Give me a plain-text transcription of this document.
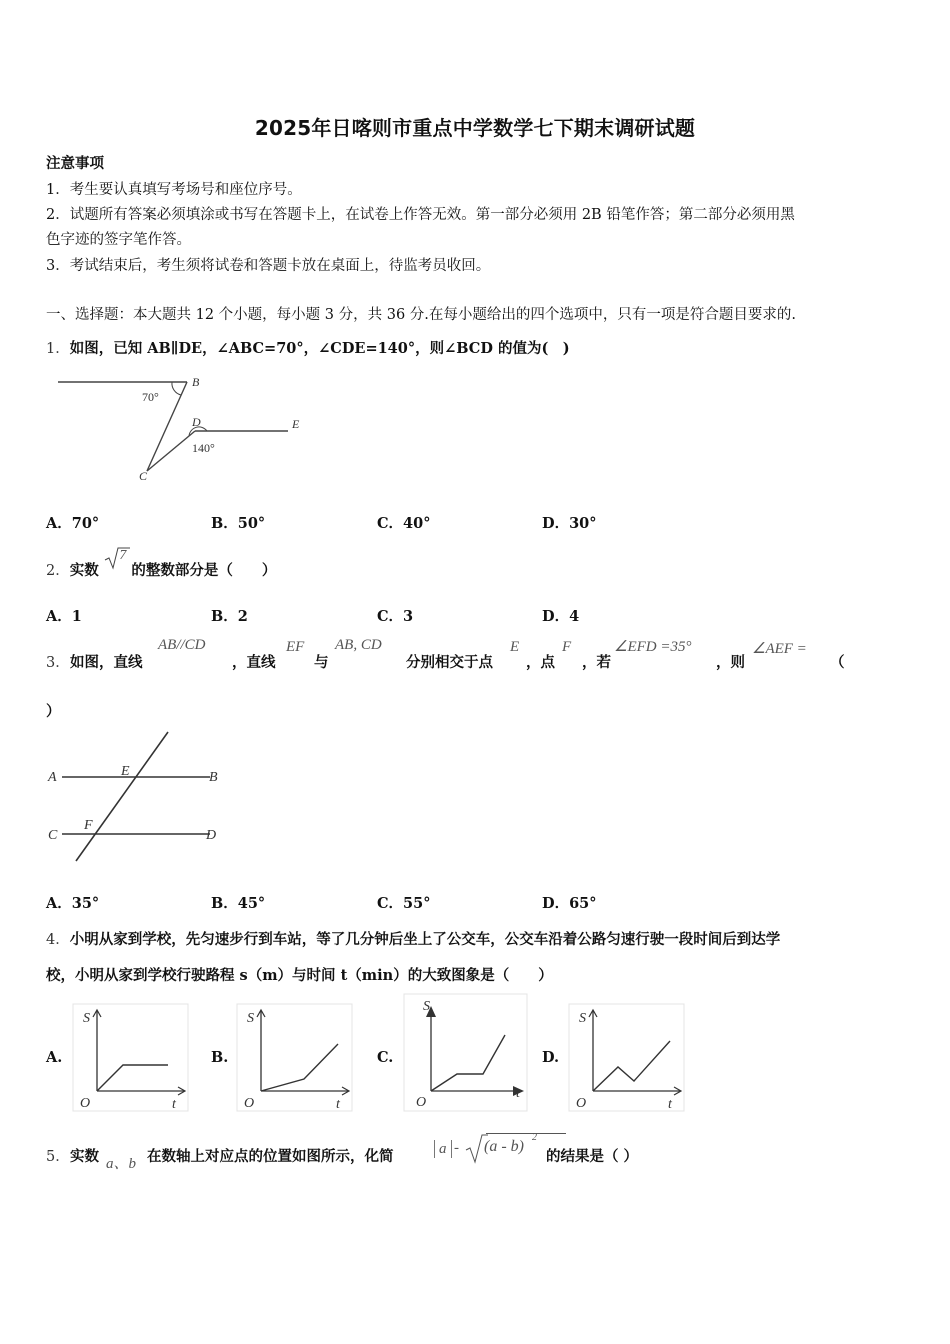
2025年日喀则市重点中学数学七下期末调研试题
注意事项
1．考生要认真填写考场号和座位序号。
2．试题所有答案必须填涂或书写在答题卡上，在试卷上作答无效。第一部分必须用 2B 铅笔作答；第二部分必须用黑
色字迹的签字笔作答。
3．考试结束后，考生须将试卷和答题卡放在桌面上，待监考员收回。
一、选择题：本大题共 12 个小题，每小题 3 分，共 36 分.在每小题给出的四个选项中，只有一项是符合题目要求的.
1．如图，已知 AB∥DE，∠ABC=70°，∠CDE=140°，则∠BCD 的值为(　)
B
70°
D	E
140°
C
A．70°	B．50°	C．40°	D．30°
2．实数
7
的整数部分是（　　）
A．1	B．2	C．3	D．4
3． 如图，直线
AB//CD
，直线
EF
与
AB, CD
分别相交于点
E
，点
F
，若
∠EFD =35°
，则
∠AEF =
（
）
A	E	B
C
F
D
A．35°	B．45°	C．55°	D．65°
4．小明从家到学校，先匀速步行到车站，等了几分钟后坐上了公交车，公交车沿着公路匀速行驶一段时间后到达学
校，小明从家到学校行驶路程 s（m）与时间 t（min）的大致图象是（　　）
A.
S
O	t
B.
S
O	t
C.
S
O
t
D.
S
O	t
5． 实数 a、b 在数轴上对应点的位置如图所示，化简	a - (a - b)
2
的结果是（ ）
